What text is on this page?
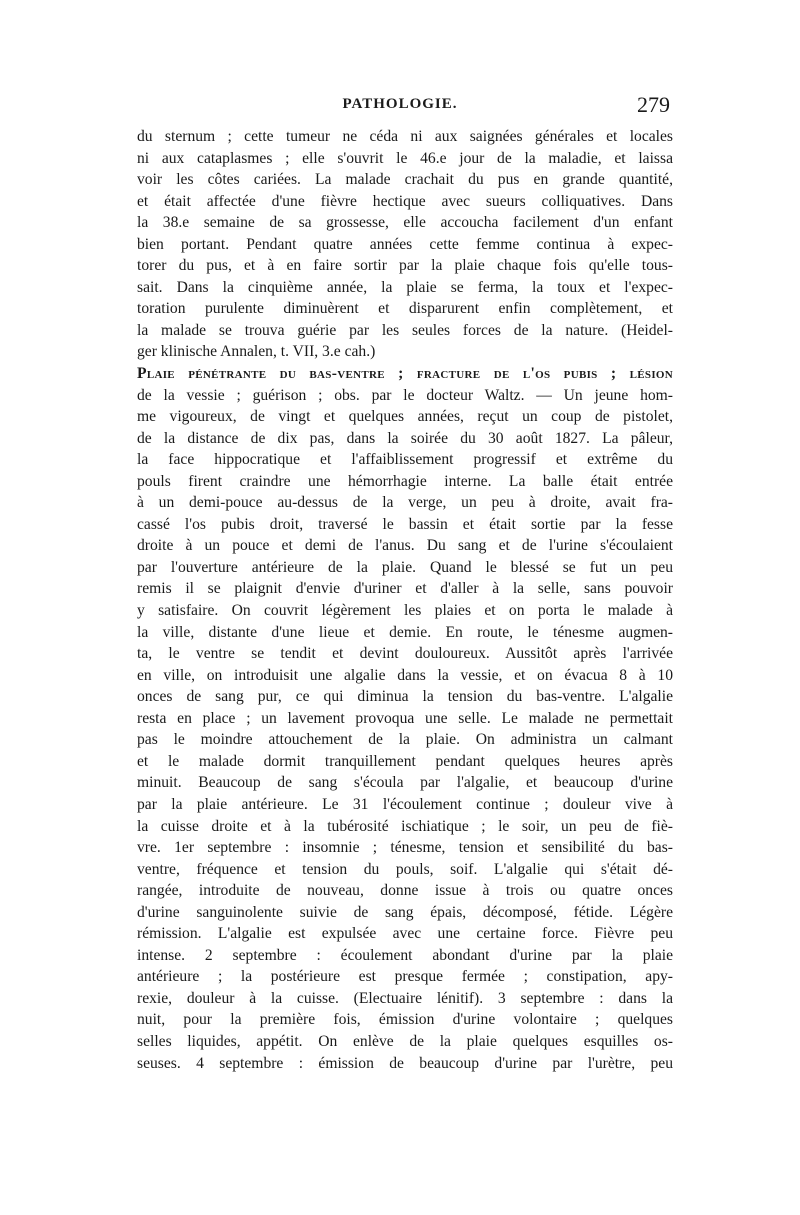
PATHOLOGIE.	279
du sternum ; cette tumeur ne céda ni aux saignées générales et locales
ni aux cataplasmes ; elle s'ouvrit le 46.e jour de la maladie, et laissa
voir les côtes cariées. La malade crachait du pus en grande quantité,
et était affectée d'une fièvre hectique avec sueurs colliquatives. Dans
la 38.e semaine de sa grossesse, elle accoucha facilement d'un enfant
bien portant. Pendant quatre années cette femme continua à expec-
torer du pus, et à en faire sortir par la plaie chaque fois qu'elle tous-
sait. Dans la cinquième année, la plaie se ferma, la toux et l'expec-
toration purulente diminuèrent et disparurent enfin complètement, et
la malade se trouva guérie par les seules forces de la nature. (Heidel-
ger klinische Annalen, t. VII, 3.e cah.)
Plaie pénétrante du bas-ventre ; fracture de l'os pubis ; lésion
de la vessie ; guérison ; obs. par le docteur Waltz. — Un jeune hom-
me vigoureux, de vingt et quelques années, reçut un coup de pistolet,
de la distance de dix pas, dans la soirée du 30 août 1827. La pâleur,
la face hippocratique et l'affaiblissement progressif et extrême du
pouls firent craindre une hémorrhagie interne. La balle était entrée
à un demi-pouce au-dessus de la verge, un peu à droite, avait fra-
cassé l'os pubis droit, traversé le bassin et était sortie par la fesse
droite à un pouce et demi de l'anus. Du sang et de l'urine s'écoulaient
par l'ouverture antérieure de la plaie. Quand le blessé se fut un peu
remis il se plaignit d'envie d'uriner et d'aller à la selle, sans pouvoir
y satisfaire. On couvrit légèrement les plaies et on porta le malade à
la ville, distante d'une lieue et demie. En route, le ténesme augmen-
ta, le ventre se tendit et devint douloureux. Aussitôt après l'arrivée
en ville, on introduisit une algalie dans la vessie, et on évacua 8 à 10
onces de sang pur, ce qui diminua la tension du bas-ventre. L'algalie
resta en place ; un lavement provoqua une selle. Le malade ne permettait
pas le moindre attouchement de la plaie. On administra un calmant
et le malade dormit tranquillement pendant quelques heures après
minuit. Beaucoup de sang s'écoula par l'algalie, et beaucoup d'urine
par la plaie antérieure. Le 31 l'écoulement continue ; douleur vive à
la cuisse droite et à la tubérosité ischiatique ; le soir, un peu de fiè-
vre. 1er septembre : insomnie ; ténesme, tension et sensibilité du bas-
ventre, fréquence et tension du pouls, soif. L'algalie qui s'était dé-
rangée, introduite de nouveau, donne issue à trois ou quatre onces
d'urine sanguinolente suivie de sang épais, décomposé, fétide. Légère
rémission. L'algalie est expulsée avec une certaine force. Fièvre peu
intense. 2 septembre : écoulement abondant d'urine par la plaie
antérieure ; la postérieure est presque fermée ; constipation, apy-
rexie, douleur à la cuisse. (Electuaire lénitif). 3 septembre : dans la
nuit, pour la première fois, émission d'urine volontaire ; quelques
selles liquides, appétit. On enlève de la plaie quelques esquilles os-
seuses. 4 septembre : émission de beaucoup d'urine par l'urètre, peu
